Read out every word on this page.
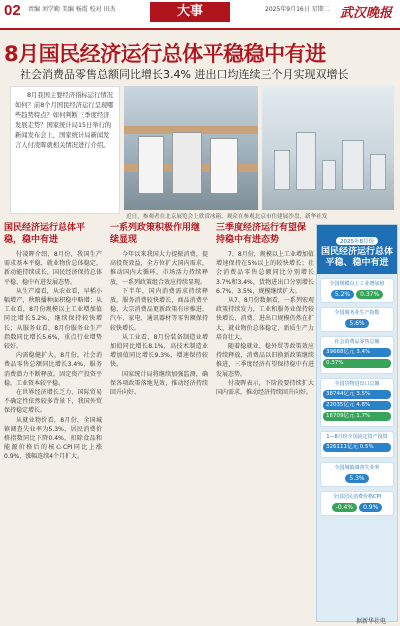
02 责编 刘学勤 美编 杨霞 校对 田杰	大事	2025年9月16日 星期二 武汉晚报
8月国民经济运行总体平稳稳中有进
社会消费品零售总额同比增长3.4% 进出口均连续三个月实现双增长

8月我国主要经济指标运行情况如何？前8个月国民经济运行呈现哪些趋势特点？如何判断三季度经济发展走势？国家统计局15日举行的新闻发布会上，国家统计局新闻发言人付凌晖就相关情况进行介绍。

近日，参观者在北京展览会上欣赏冰箱，观众在参观北京市住建展沙盘，新华社发
国民经济运行总体平稳，稳中有进

付凌晖介绍，8月份，我国生产需求基本平稳，就业物价总体稳定，新动能持续成长，国民经济保持总体平稳、稳中有进发展态势。

从生产端看，从农业看，早稻小幅增产，秋粮播种面积稳中略增；从工业看，8月份规模以上工业增加值同比增长5.2%，继续保持较快增长；从服务业看，8月份服务业生产指数同比增长5.6%，重点行业增势较好。

内需稳健扩大。8月份，社会消费品零售总额同比增长3.4%，服务消费潜力不断释放。固定资产投资平稳，工业资本较平稳。

在世界经济增长乏力、国际贸易不确定性依然较多背景下，我国外贸保持稳定增长。

从就业物价看，8月份，全国城镇调查失业率为5.3%，居民消费价格指数同比下降0.4%，扣除食品和能源价格后的核心CPI同比上涨0.9%，涨幅连续4个月扩大。

一系列政策积极作用继续显现

今年以来我国大力提振消费，提高投资效益，全方位扩大国内需求，推动国内大循环，市场活力持续释放，一系列政策组合效应持续显现。

下半年，国内消费需求持续释放，服务消费较快增长，商品消费平稳，大宗消费品更新政策有序推进，汽车、家电、通讯器材等零售额保持较快增长。

从工业看，8月份装备制造业增加值同比增长8.1%，高技术制造业增加值同比增长9.3%，增速保持较快。

国家统计局将继续加强监测，确保各项政策落地见效，推动经济持续回升向好。

三季度经济运行有望保持稳中有进态势

7、8月份，规模以上工业增加值增速保持在5%以上的较快增长；社会消费品零售总额同比分别增长3.7%和3.4%，货物进出口分别增长6.7%、3.5%，规模继续扩大。

从7、8月份数据看，一系列宏观政策持续发力，工业和服务业保持较快增长，消费、进出口规模仍然在扩大，就业物价总体稳定，新质生产力培育壮大。

随着稳就业、稳外贸等政策效应持续释放，消费品以旧换新政策继续推进，三季度经济有望保持稳中有进发展态势。

付凌晖表示，下阶段要持续扩大国内需求，推动经济持续回升向好。

2025年8月份
国民经济运行总体平稳、稳中有进
全国规模以上工业增加值
5.2%	0.37%
全国服务业生产指数
5.6%
社会消费品零售总额
39668亿元 3.4%
0.37%
全国货物进出口总额
38744亿元 3.5%
22035亿元 4.8%
16709亿元 1.7%
1—8月份全国固定资产投资
326111亿元 0.5%
全国城镇调查失业率
5.3%
全国居民消费价格CPI
-0.4%	0.9%
据新华社电
